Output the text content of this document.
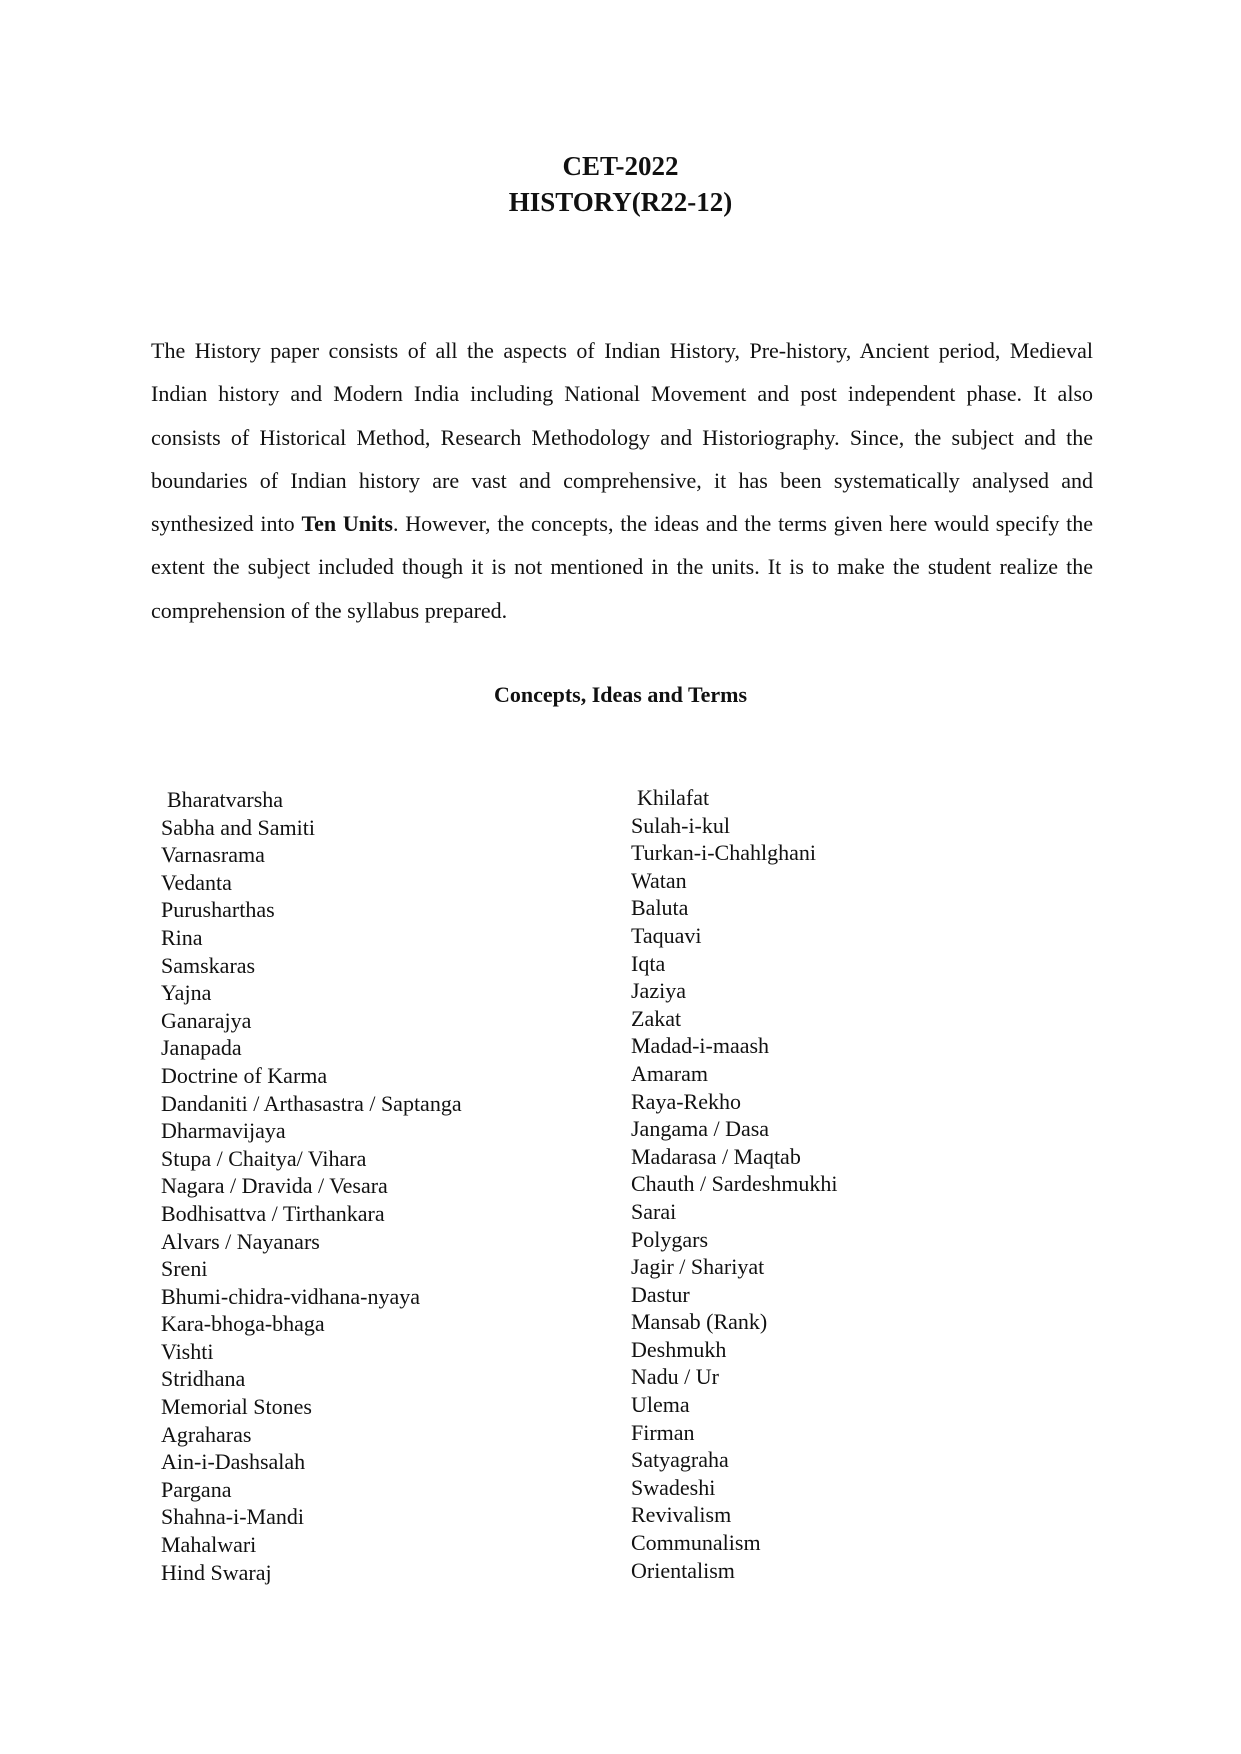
CET-2022
HISTORY(R22-12)

The History paper consists of all the aspects of Indian History, Pre-history, Ancient period, Medieval Indian history and Modern India including National Movement and post independent phase. It also consists of Historical Method, Research Methodology and Historiography. Since, the subject and the boundaries of Indian history are vast and comprehensive, it has been systematically analysed and synthesized into Ten Units. However, the concepts, the ideas and the terms given here would specify the extent the subject included though it is not mentioned in the units. It is to make the student realize the comprehension of the syllabus prepared.

Concepts, Ideas and Terms
Bharatvarsha
Sabha and Samiti
Varnasrama
Vedanta
Purusharthas
Rina
Samskaras
Yajna
Ganarajya
Janapada
Doctrine of Karma
Dandaniti / Arthasastra / Saptanga
Dharmavijaya
Stupa / Chaitya/ Vihara
Nagara / Dravida / Vesara
Bodhisattva / Tirthankara
Alvars / Nayanars
Sreni
Bhumi-chidra-vidhana-nyaya
Kara-bhoga-bhaga
Vishti
Stridhana
Memorial Stones
Agraharas
Ain-i-Dashsalah
Pargana
Shahna-i-Mandi
Mahalwari
Hind Swaraj
Khilafat
Sulah-i-kul
Turkan-i-Chahlghani
Watan
Baluta
Taquavi
Iqta
Jaziya
Zakat
Madad-i-maash
Amaram
Raya-Rekho
Jangama / Dasa
Madarasa / Maqtab
Chauth / Sardeshmukhi
Sarai
Polygars
Jagir / Shariyat
Dastur
Mansab (Rank)
Deshmukh
Nadu / Ur
Ulema
Firman
Satyagraha
Swadeshi
Revivalism
Communalism
Orientalism
